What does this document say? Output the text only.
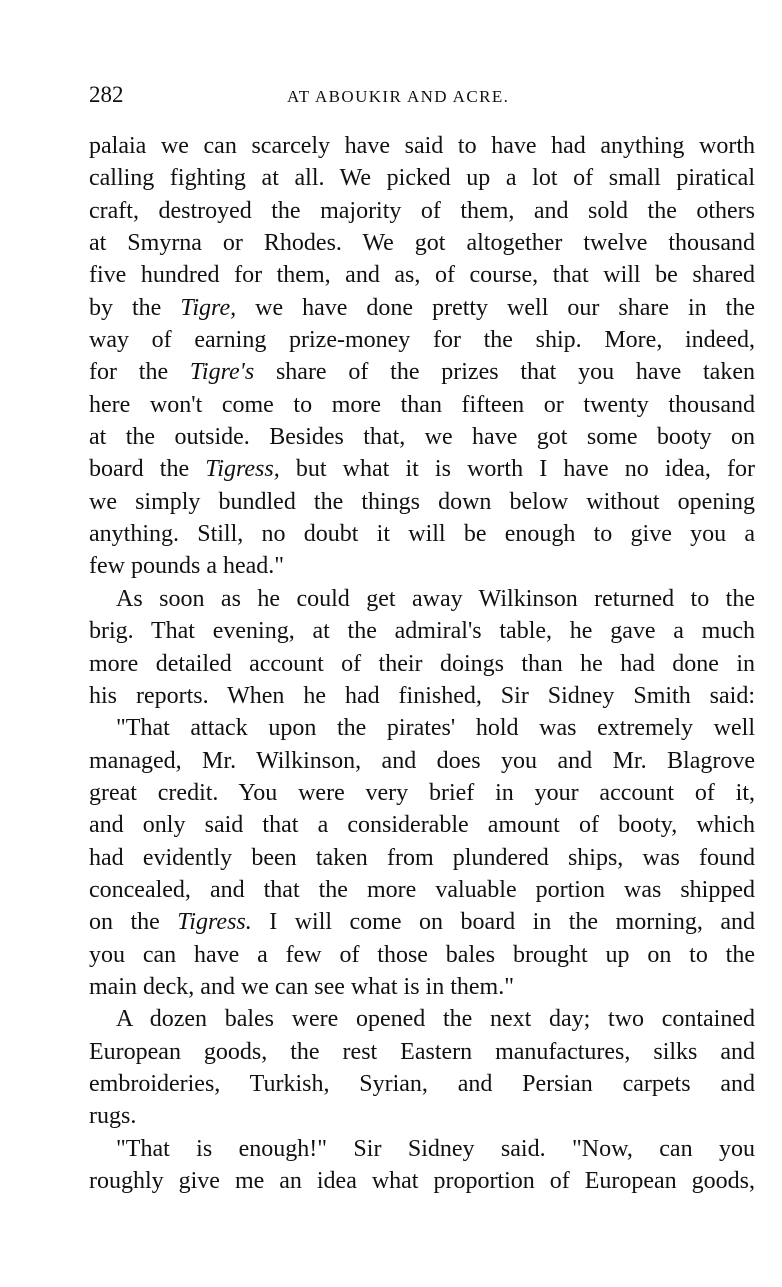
282	AT ABOUKIR AND ACRE.
palaia we can scarcely have said to have had anything worth
calling fighting at all. We picked up a lot of small piratical
craft, destroyed the majority of them, and sold the others
at Smyrna or Rhodes. We got altogether twelve thousand
five hundred for them, and as, of course, that will be shared
by the Tigre, we have done pretty well our share in the
way of earning prize-money for the ship. More, indeed,
for the Tigre's share of the prizes that you have taken
here won't come to more than fifteen or twenty thousand
at the outside. Besides that, we have got some booty on
board the Tigress, but what it is worth I have no idea, for
we simply bundled the things down below without opening
anything. Still, no doubt it will be enough to give you a
few pounds a head."
As soon as he could get away Wilkinson returned to the
brig. That evening, at the admiral's table, he gave a much
more detailed account of their doings than he had done in
his reports. When he had finished, Sir Sidney Smith said:
"That attack upon the pirates' hold was extremely well
managed, Mr. Wilkinson, and does you and Mr. Blagrove
great credit. You were very brief in your account of it,
and only said that a considerable amount of booty, which
had evidently been taken from plundered ships, was found
concealed, and that the more valuable portion was shipped
on the Tigress. I will come on board in the morning, and
you can have a few of those bales brought up on to the
main deck, and we can see what is in them."
A dozen bales were opened the next day; two contained
European goods, the rest Eastern manufactures, silks and
embroideries, Turkish, Syrian, and Persian carpets and
rugs.
"That is enough!" Sir Sidney said. "Now, can you
roughly give me an idea what proportion of European goods,
